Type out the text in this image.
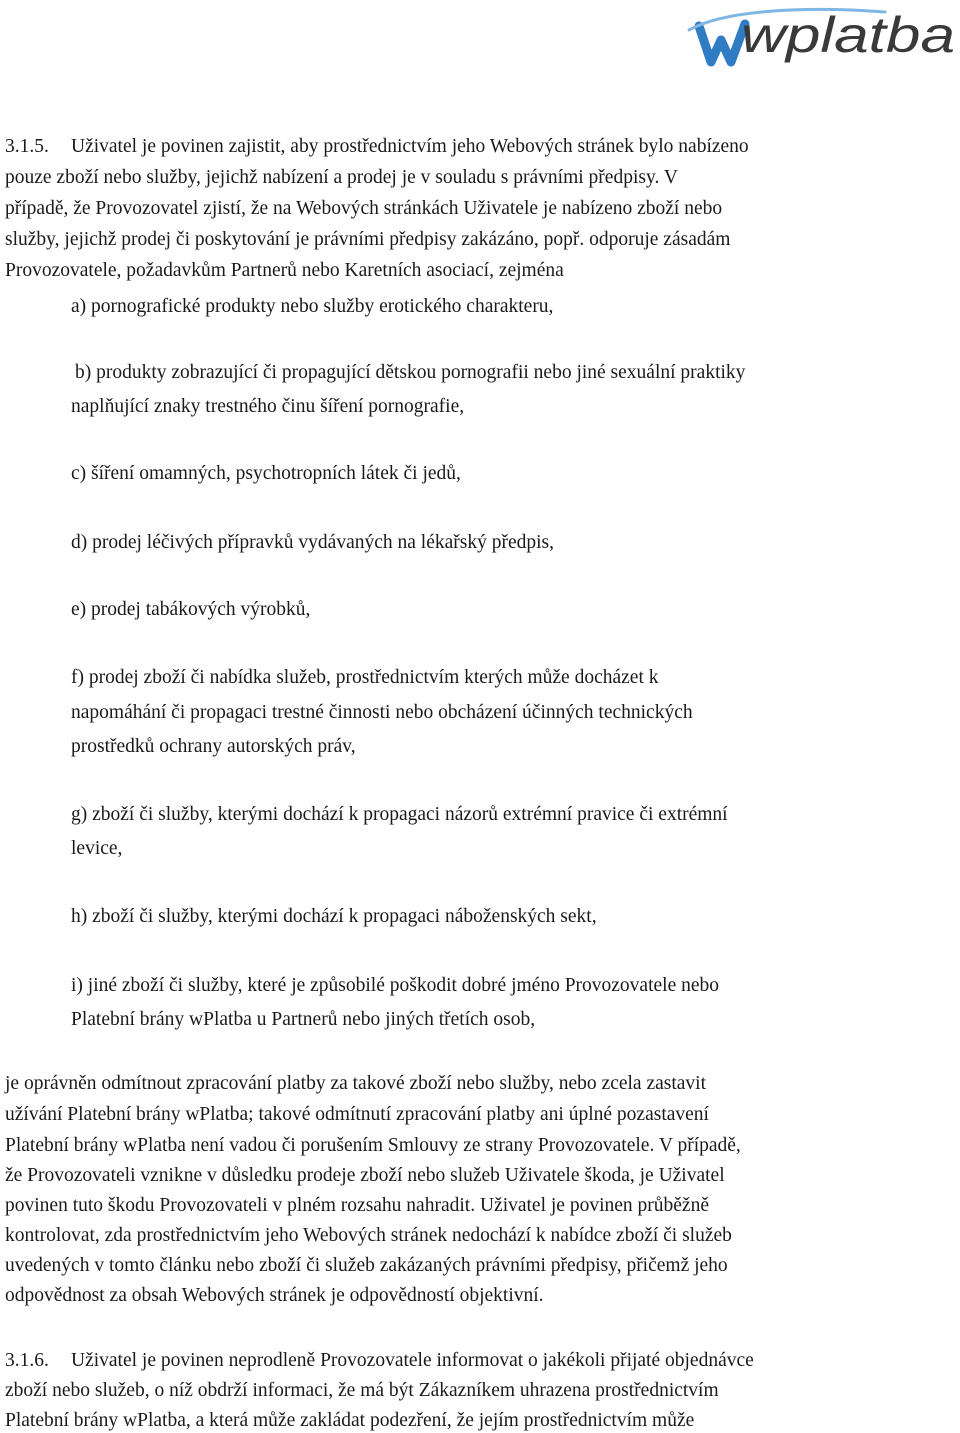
wplatba
3.1.5. Uživatel je povinen zajistit, aby prostřednictvím jeho Webových stránek bylo nabízeno
pouze zboží nebo služby, jejichž nabízení a prodej je v souladu s právními předpisy. V
případě, že Provozovatel zjistí, že na Webových stránkách Uživatele je nabízeno zboží nebo
služby, jejichž prodej či poskytování je právními předpisy zakázáno, popř. odporuje zásadám
Provozovatele, požadavkům Partnerů nebo Karetních asociací, zejména
a) pornografické produkty nebo služby erotického charakteru,
b) produkty zobrazující či propagující dětskou pornografii nebo jiné sexuální praktiky
naplňující znaky trestného činu šíření pornografie,
c) šíření omamných, psychotropních látek či jedů,
d) prodej léčivých přípravků vydávaných na lékařský předpis,
e) prodej tabákových výrobků,
f) prodej zboží či nabídka služeb, prostřednictvím kterých může docházet k
napomáhání či propagaci trestné činnosti nebo obcházení účinných technických
prostředků ochrany autorských práv,
g) zboží či služby, kterými dochází k propagaci názorů extrémní pravice či extrémní
levice,
h) zboží či služby, kterými dochází k propagaci náboženských sekt,
i) jiné zboží či služby, které je způsobilé poškodit dobré jméno Provozovatele nebo
Platební brány wPlatba u Partnerů nebo jiných třetích osob,
je oprávněn odmítnout zpracování platby za takové zboží nebo služby, nebo zcela zastavit
užívání Platební brány wPlatba; takové odmítnutí zpracování platby ani úplné pozastavení
Platební brány wPlatba není vadou či porušením Smlouvy ze strany Provozovatele. V případě,
že Provozovateli vznikne v důsledku prodeje zboží nebo služeb Uživatele škoda, je Uživatel
povinen tuto škodu Provozovateli v plném rozsahu nahradit. Uživatel je povinen průběžně
kontrolovat, zda prostřednictvím jeho Webových stránek nedochází k nabídce zboží či služeb
uvedených v tomto článku nebo zboží či služeb zakázaných právními předpisy, přičemž jeho
odpovědnost za obsah Webových stránek je odpovědností objektivní.
3.1.6. Uživatel je povinen neprodleně Provozovatele informovat o jakékoli přijaté objednávce
zboží nebo služeb, o níž obdrží informaci, že má být Zákazníkem uhrazena prostřednictvím
Platební brány wPlatba, a která může zakládat podezření, že jejím prostřednictvím může
